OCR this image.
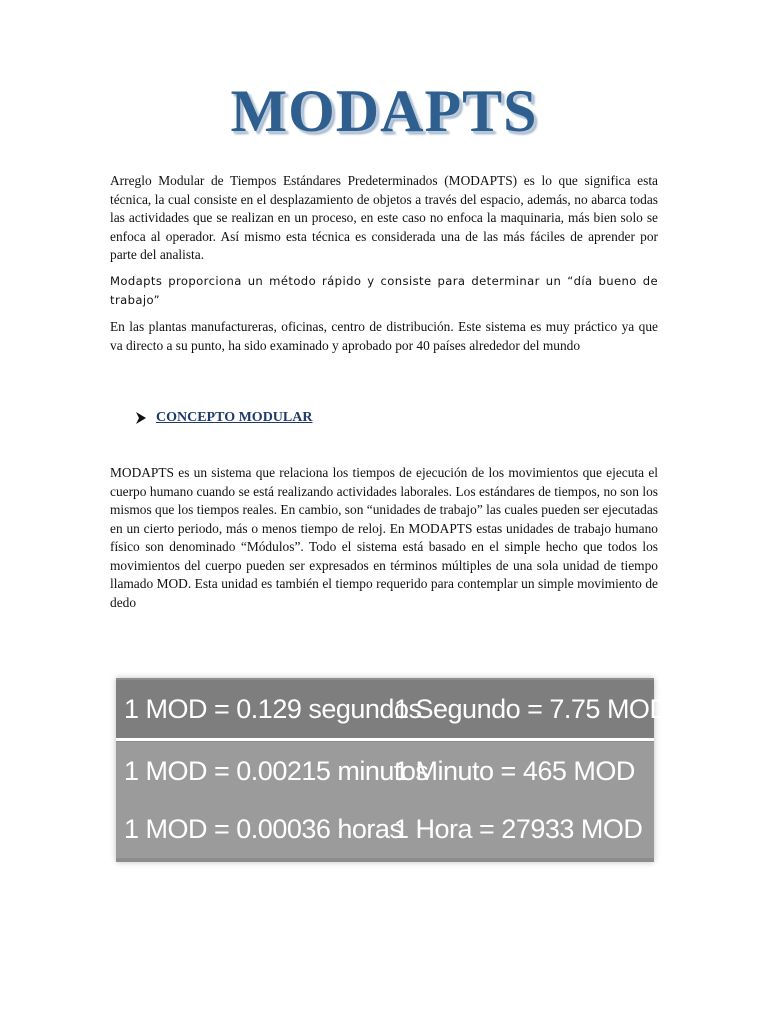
MODAPTS

Arreglo Modular de Tiempos Estándares Predeterminados (MODAPTS) es lo que significa esta técnica, la cual consiste en el desplazamiento de objetos a través del espacio, además, no abarca todas las actividades que se realizan en un proceso, en este caso no enfoca la maquinaria, más bien solo se enfoca al operador. Así mismo esta técnica es considerada una de las más fáciles de aprender por parte del analista.

Modapts proporciona un método rápido y consiste para determinar un “día bueno de trabajo”

En las plantas manufactureras, oficinas, centro de distribución. Este sistema es muy práctico ya que va directo a su punto, ha sido examinado y aprobado por 40 países alrededor del mundo

CONCEPTO MODULAR

MODAPTS es un sistema que relaciona los tiempos de ejecución de los movimientos que ejecuta el cuerpo humano cuando se está realizando actividades laborales. Los estándares de tiempos, no son los mismos que los tiempos reales. En cambio, son “unidades de trabajo” las cuales pueden ser ejecutadas en un cierto periodo, más o menos tiempo de reloj. En MODAPTS estas unidades de trabajo humano físico son denominado “Módulos”. Todo el sistema está basado en el simple hecho que todos los movimientos del cuerpo pueden ser expresados en términos múltiples de una sola unidad de tiempo llamado MOD. Esta unidad es también el tiempo requerido para contemplar un simple movimiento de dedo

1 MOD = 0.129 segundos
1 Segundo = 7.75 MOD
1 MOD = 0.00215 minutos
1 Minuto = 465 MOD
1 MOD = 0.00036 horas
1 Hora = 27933 MOD
